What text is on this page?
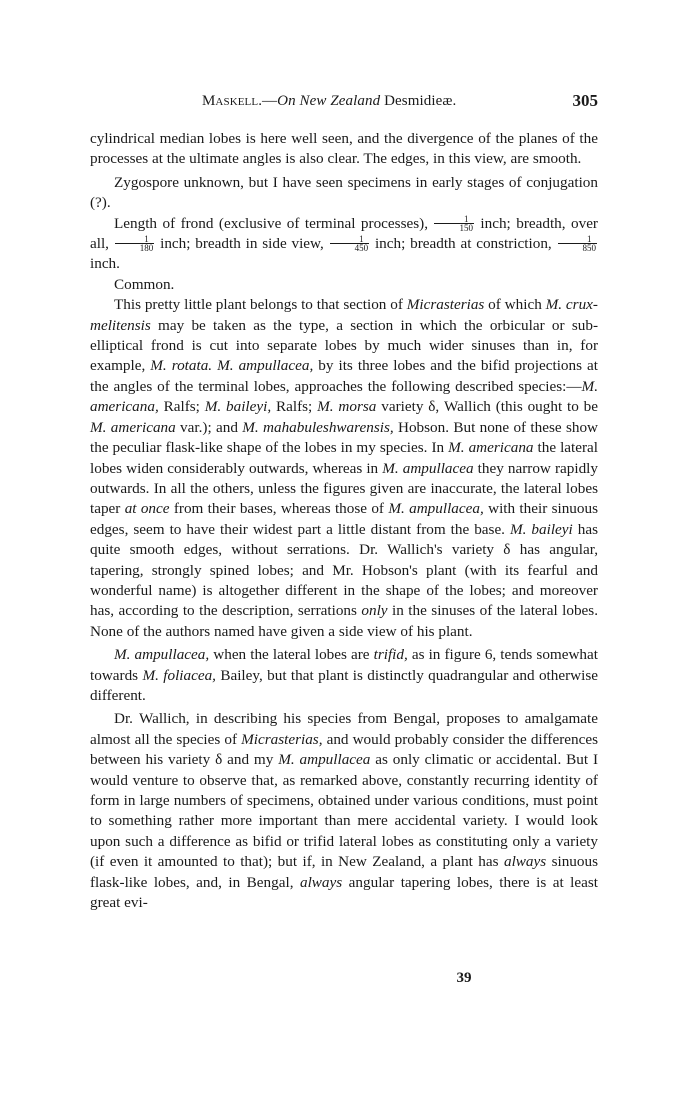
Maskell.—On New Zealand Desmidieæ.	305

cylindrical median lobes is here well seen, and the divergence of the planes of the processes at the ultimate angles is also clear. The edges, in this view, are smooth.

Zygospore unknown, but I have seen specimens in early stages of conjugation (?).

Length of frond (exclusive of terminal processes), $\frac{1}{150}$ inch; breadth, over all, $\frac{1}{180}$ inch; breadth in side view, $\frac{1}{450}$ inch; breadth at constriction, $\frac{1}{850}$
inch.

Common.

This pretty little plant belongs to that section of Micrasterias of which M. crux-melitensis may be taken as the type, a section in which the orbicular or sub-elliptical frond is cut into separate lobes by much wider sinuses than in, for example, M. rotata. M. ampullacea, by its three lobes and the bifid projections at the angles of the terminal lobes, approaches the following described species:—M. americana, Ralfs; M. baileyi, Ralfs; M. morsa variety δ, Wallich (this ought to be M. americana var.); and M. mahabuleshwarensis, Hobson. But none of these show the peculiar flask-like shape of the lobes in my species. In M. americana the lateral lobes widen considerably outwards, whereas in M. ampullacea they narrow rapidly outwards. In all the others, unless the figures given are inaccurate, the lateral lobes taper at once from their bases, whereas those of M. ampullacea, with their sinuous edges, seem to have their widest part a little distant from the base. M. baileyi has quite smooth edges, without serrations. Dr. Wallich's variety δ has angular, tapering, strongly spined lobes; and Mr. Hobson's plant (with its fearful and wonderful name) is altogether different in the shape of the lobes; and moreover has, according to the description, serrations only in the sinuses of the lateral lobes. None of the authors named have given a side view of his plant.

M. ampullacea, when the lateral lobes are trifid, as in figure 6, tends somewhat towards M. foliacea, Bailey, but that plant is distinctly quadrangular and otherwise different.

Dr. Wallich, in describing his species from Bengal, proposes to amalgamate almost all the species of Micrasterias, and would probably consider the differences between his variety δ and my M. ampullacea as only climatic or accidental. But I would venture to observe that, as remarked above, constantly recurring identity of form in large numbers of specimens, obtained under various conditions, must point to something rather more important than mere accidental variety. I would look upon such a difference as bifid or trifid lateral lobes as constituting only a variety (if even it amounted to that); but if, in New Zealand, a plant has always sinuous flask-like lobes, and, in Bengal, always angular tapering lobes, there is at least great evi-

39
